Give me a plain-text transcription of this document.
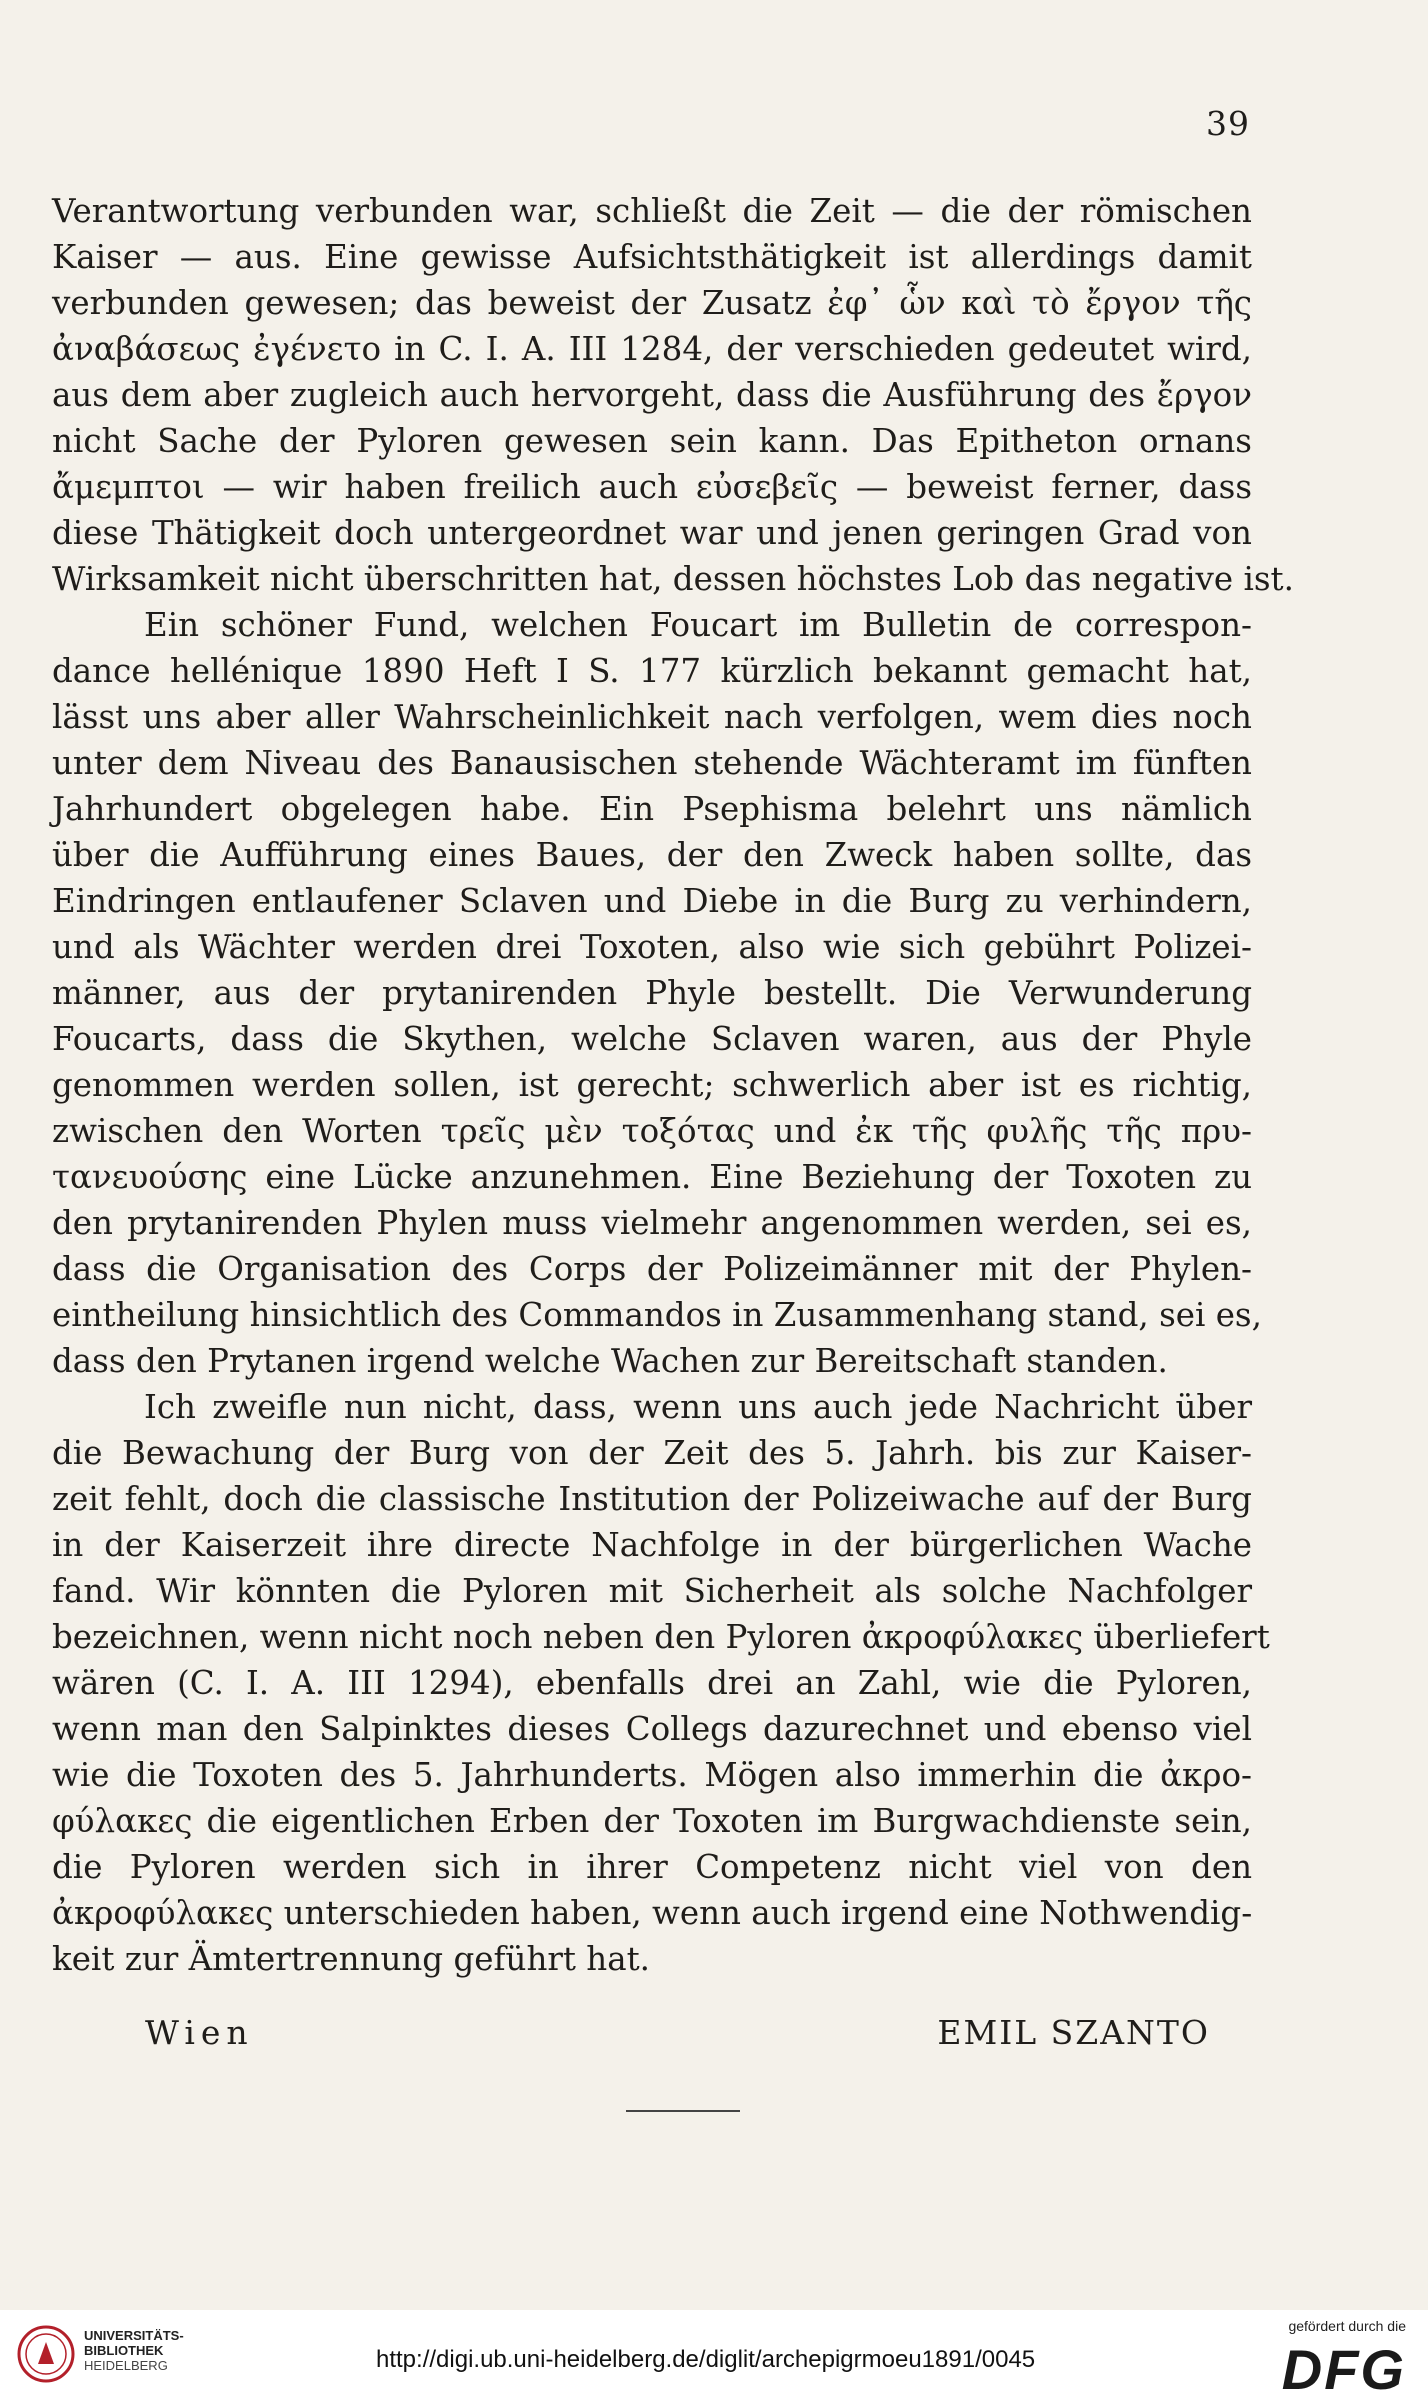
39
Verantwortung verbunden war, schließt die Zeit — die der römischen
Kaiser — aus. Eine gewisse Aufsichtsthätigkeit ist allerdings damit
verbunden gewesen; das beweist der Zusatz ἐφ᾽ ὧν καὶ τὸ ἔργον τῆς
ἀναβάσεως ἐγένετο in C. I. A. III 1284, der verschieden gedeutet wird,
aus dem aber zugleich auch hervorgeht, dass die Ausführung des ἔργον
nicht Sache der Pyloren gewesen sein kann. Das Epitheton ornans
ἄμεμπτοι — wir haben freilich auch εὐσεβεῖς — beweist ferner, dass
diese Thätigkeit doch untergeordnet war und jenen geringen Grad von
Wirksamkeit nicht überschritten hat, dessen höchstes Lob das negative ist.
Ein schöner Fund, welchen Foucart im Bulletin de correspon-
dance hellénique 1890 Heft I S. 177 kürzlich bekannt gemacht hat,
lässt uns aber aller Wahrscheinlichkeit nach verfolgen, wem dies noch
unter dem Niveau des Banausischen stehende Wächteramt im fünften
Jahrhundert obgelegen habe. Ein Psephisma belehrt uns nämlich
über die Aufführung eines Baues, der den Zweck haben sollte, das
Eindringen entlaufener Sclaven und Diebe in die Burg zu verhindern,
und als Wächter werden drei Toxoten, also wie sich gebührt Polizei-
männer, aus der prytanirenden Phyle bestellt. Die Verwunderung
Foucarts, dass die Skythen, welche Sclaven waren, aus der Phyle
genommen werden sollen, ist gerecht; schwerlich aber ist es richtig,
zwischen den Worten τρεῖς μὲν τοξότας und ἐκ τῆς φυλῆς τῆς πρυ-
τανευούσης eine Lücke anzunehmen. Eine Beziehung der Toxoten zu
den prytanirenden Phylen muss vielmehr angenommen werden, sei es,
dass die Organisation des Corps der Polizeimänner mit der Phylen-
eintheilung hinsichtlich des Commandos in Zusammenhang stand, sei es,
dass den Prytanen irgend welche Wachen zur Bereitschaft standen.
Ich zweifle nun nicht, dass, wenn uns auch jede Nachricht über
die Bewachung der Burg von der Zeit des 5. Jahrh. bis zur Kaiser-
zeit fehlt, doch die classische Institution der Polizeiwache auf der Burg
in der Kaiserzeit ihre directe Nachfolge in der bürgerlichen Wache
fand. Wir könnten die Pyloren mit Sicherheit als solche Nachfolger
bezeichnen, wenn nicht noch neben den Pyloren ἀκροφύλακες überliefert
wären (C. I. A. III 1294), ebenfalls drei an Zahl, wie die Pyloren,
wenn man den Salpinktes dieses Collegs dazurechnet und ebenso viel
wie die Toxoten des 5. Jahrhunderts. Mögen also immerhin die ἀκρο-
φύλακες die eigentlichen Erben der Toxoten im Burgwachdienste sein,
die Pyloren werden sich in ihrer Competenz nicht viel von den
ἀκροφύλακες unterschieden haben, wenn auch irgend eine Nothwendig-
keit zur Ämtertrennung geführt hat.
Wien	EMIL SZANTO
UNIVERSITÄTS-
BIBLIOTHEK
HEIDELBERG	http://digi.ub.uni-heidelberg.de/diglit/archepigrmoeu1891/0045
gefördert durch die
DFG
